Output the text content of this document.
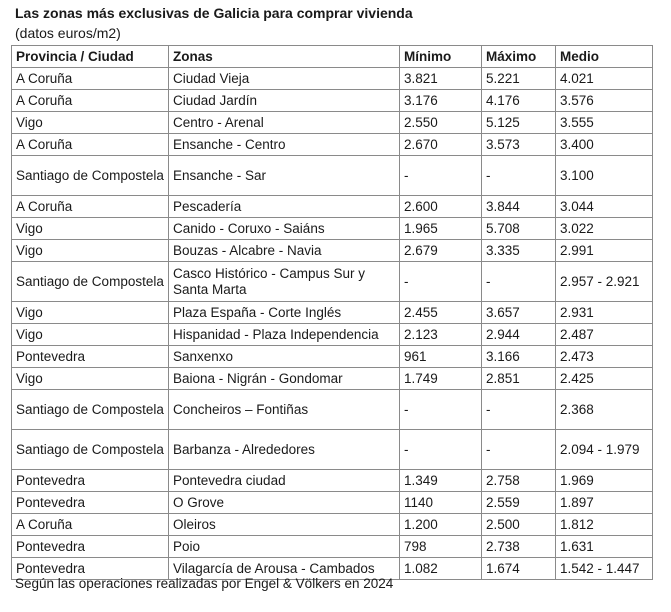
Las zonas más exclusivas de Galicia para comprar vivienda
(datos euros/m2)
Provincia / Ciudad	Zonas	Mínimo	Máximo	Medio
A Coruña	Ciudad Vieja	3.821	5.221	4.021
A Coruña	Ciudad Jardín	3.176	4.176	3.576
Vigo	Centro - Arenal	2.550	5.125	3.555
A Coruña	Ensanche - Centro	2.670	3.573	3.400
Santiago de Compostela	Ensanche - Sar	-	-	3.100
A Coruña	Pescadería	2.600	3.844	3.044
Vigo	Canido - Coruxo - Saiáns	1.965	5.708	3.022
Vigo	Bouzas - Alcabre - Navia	2.679	3.335	2.991
Santiago de Compostela	Casco Histórico - Campus Sur y Santa Marta	-	-	2.957 - 2.921
Vigo	Plaza España - Corte Inglés	2.455	3.657	2.931
Vigo	Hispanidad - Plaza Independencia	2.123	2.944	2.487
Pontevedra	Sanxenxo	961	3.166	2.473
Vigo	Baiona - Nigrán - Gondomar	1.749	2.851	2.425
Santiago de Compostela	Concheiros – Fontiñas	-	-	2.368
Santiago de Compostela	Barbanza - Alrededores	-	-	2.094 - 1.979
Pontevedra	Pontevedra ciudad	1.349	2.758	1.969
Pontevedra	O Grove	1140	2.559	1.897
A Coruña	Oleiros	1.200	2.500	1.812
Pontevedra	Poio	798	2.738	1.631
Pontevedra	Vilagarcía de Arousa - Cambados	1.082	1.674	1.542 - 1.447
Según las operaciones realizadas por Engel & Völkers en 2024
